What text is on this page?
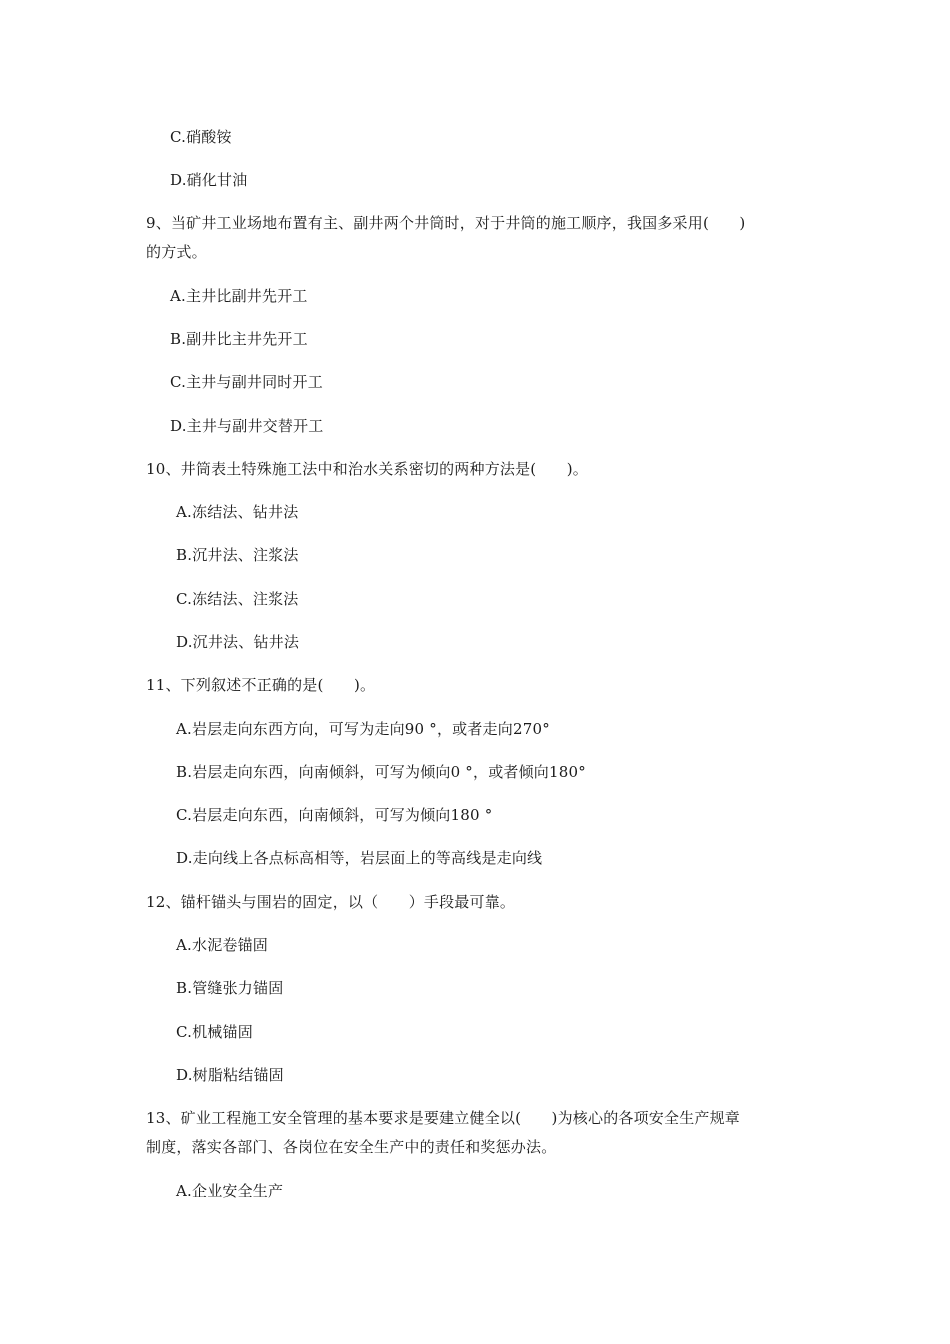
C.硝酸铵
D.硝化甘油
9、当矿井工业场地布置有主、副井两个井筒时，对于井筒的施工顺序，我国多采用(　　)
的方式。
A.主井比副井先开工
B.副井比主井先开工
C.主井与副井同时开工
D.主井与副井交替开工
10、井筒表土特殊施工法中和治水关系密切的两种方法是(　　)。
A.冻结法、钻井法
B.沉井法、注浆法
C.冻结法、注浆法
D.沉井法、钻井法
11、下列叙述不正确的是(　　)。
A.岩层走向东西方向，可写为走向90 °，或者走向270°
B.岩层走向东西，向南倾斜，可写为倾向0 °，或者倾向180°
C.岩层走向东西，向南倾斜，可写为倾向180 °
D.走向线上各点标高相等，岩层面上的等高线是走向线
12、锚杆锚头与围岩的固定，以（　　）手段最可靠。
A.水泥卷锚固
B.管缝张力锚固
C.机械锚固
D.树脂粘结锚固
13、矿业工程施工安全管理的基本要求是要建立健全以(　　)为核心的各项安全生产规章
制度，落实各部门、各岗位在安全生产中的责任和奖惩办法。
A.企业安全生产
